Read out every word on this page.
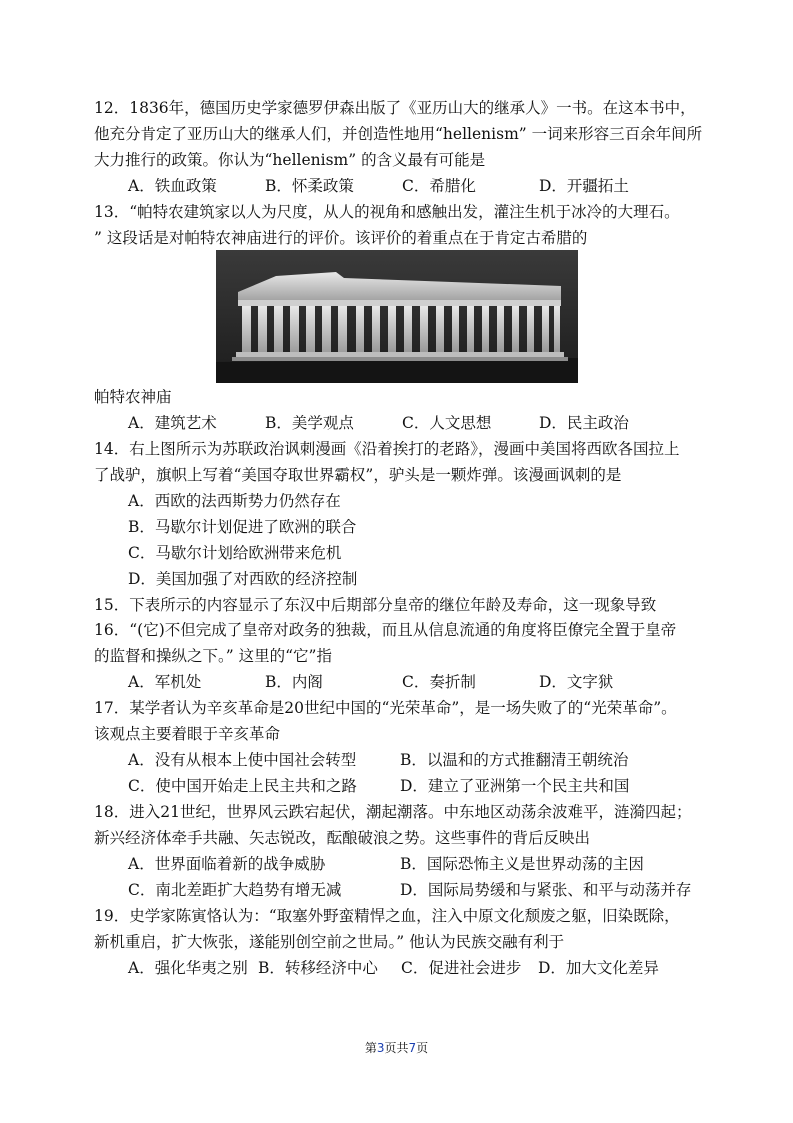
12．1836年，德国历史学家德罗伊森出版了《亚历山大的继承人》一书。在这本书中，
他充分肯定了亚历山大的继承人们，并创造性地用“hellenism” 一词来形容三百余年间所
大力推行的政策。你认为“hellenism” 的含义最有可能是
A．铁血政策	B．怀柔政策	C．希腊化	D．开疆拓土
13．“帕特农建筑家以人为尺度，从人的视角和感触出发，灌注生机于冰冷的大理石。
” 这段话是对帕特农神庙进行的评价。该评价的着重点在于肯定古希腊的
帕特农神庙
A．建筑艺术	B．美学观点	C．人文思想	D．民主政治
14．右上图所示为苏联政治讽刺漫画《沿着挨打的老路》，漫画中美国将西欧各国拉上
了战驴，旗帜上写着“美国夺取世界霸权”，驴头是一颗炸弹。该漫画讽刺的是
A．西欧的法西斯势力仍然存在
B．马歇尔计划促进了欧洲的联合
C．马歇尔计划给欧洲带来危机
D．美国加强了对西欧的经济控制
15．下表所示的内容显示了东汉中后期部分皇帝的继位年龄及寿命，这一现象导致
16．“(它)不但完成了皇帝对政务的独裁，而且从信息流通的角度将臣僚完全置于皇帝
的监督和操纵之下。” 这里的“它”指
A．军机处	B．内阁	C．奏折制	D．文字狱
17．某学者认为辛亥革命是20世纪中国的“光荣革命”，是一场失败了的“光荣革命”。
该观点主要着眼于辛亥革命
A．没有从根本上使中国社会转型	B．以温和的方式推翻清王朝统治
C．使中国开始走上民主共和之路	D．建立了亚洲第一个民主共和国
18．进入21世纪，世界风云跌宕起伏，潮起潮落。中东地区动荡余波难平，涟漪四起；
新兴经济体牵手共融、矢志锐改，酝酿破浪之势。这些事件的背后反映出
A．世界面临着新的战争威胁	B．国际恐怖主义是世界动荡的主因
C．南北差距扩大趋势有增无减	D．国际局势缓和与紧张、和平与动荡并存
19．史学家陈寅恪认为：“取塞外野蛮精悍之血，注入中原文化颓废之躯，旧染既除，
新机重启，扩大恢张，遂能别创空前之世局。” 他认为民族交融有利于
A．强化华夷之别 B．转移经济中心	C．促进社会进步	D．加大文化差异
第3页共7页
